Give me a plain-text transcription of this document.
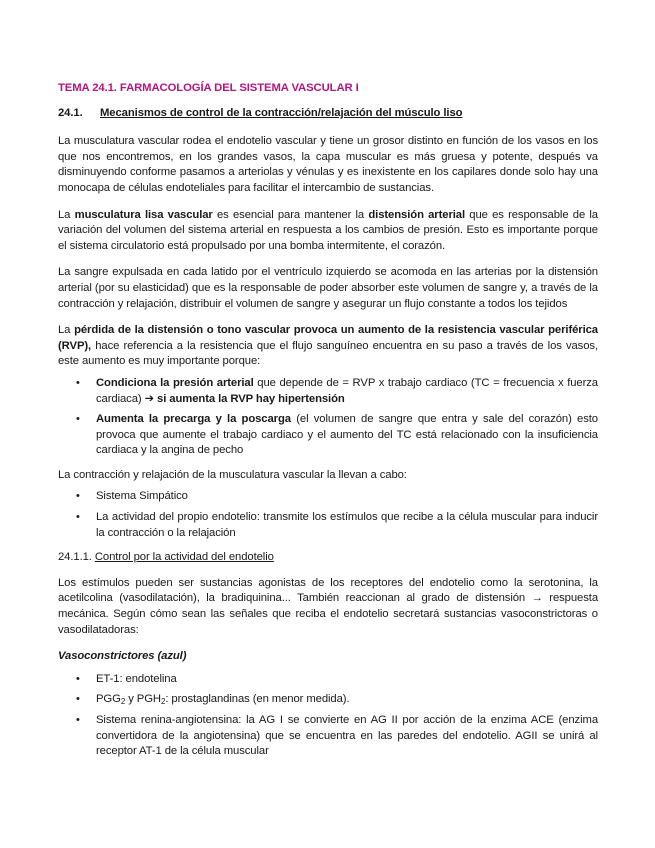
TEMA 24.1. FARMACOLOGÍA DEL SISTEMA VASCULAR I
24.1. Mecanismos de control de la contracción/relajación del músculo liso

La musculatura vascular rodea el endotelio vascular y tiene un grosor distinto en función de los vasos en los que nos encontremos, en los grandes vasos, la capa muscular es más gruesa y potente, después va disminuyendo conforme pasamos a arteriolas y vénulas y es inexistente en los capilares donde solo hay una monocapa de células endoteliales para facilitar el intercambio de sustancias.

La musculatura lisa vascular es esencial para mantener la distensión arterial que es responsable de la variación del volumen del sistema arterial en respuesta a los cambios de presión. Esto es importante porque el sistema circulatorio está propulsado por una bomba intermitente, el corazón.

La sangre expulsada en cada latido por el ventrículo izquierdo se acomoda en las arterias por la distensión arterial (por su elasticidad) que es la responsable de poder absorber este volumen de sangre y, a través de la contracción y relajación, distribuir el volumen de sangre y asegurar un flujo constante a todos los tejidos

La pérdida de la distensión o tono vascular provoca un aumento de la resistencia vascular periférica (RVP), hace referencia a la resistencia que el flujo sanguíneo encuentra en su paso a través de los vasos, este aumento es muy importante porque:

• Condiciona la presión arterial que depende de = RVP x trabajo cardiaco (TC = frecuencia x fuerza cardiaca) ➔ si aumenta la RVP hay hipertensión
• Aumenta la precarga y la poscarga (el volumen de sangre que entra y sale del corazón) esto provoca que aumente el trabajo cardiaco y el aumento del TC está relacionado con la insuficiencia cardiaca y la angina de pecho

La contracción y relajación de la musculatura vascular la llevan a cabo:

• Sistema Simpático
• La actividad del propio endotelio: transmite los estímulos que recibe a la célula muscular para inducir la contracción o la relajación
24.1.1. Control por la actividad del endotelio

Los estímulos pueden ser sustancias agonistas de los receptores del endotelio como la serotonina, la acetilcolina (vasodilatación), la bradiquinina... También reaccionan al grado de distensión → respuesta mecánica. Según cómo sean las señales que reciba el endotelio secretará sustancias vasoconstrictoras o vasodilatadoras:

Vasoconstrictores (azul)
• ET-1: endotelina
• $PGG_2$ y $PGH_2$: prostaglandinas (en menor medida).
• Sistema renina-angiotensina: la AG I se convierte en AG II por acción de la enzima ACE (enzima convertidora de la angiotensina) que se encuentra en las paredes del endotelio. AGII se unirá al receptor AT-1 de la célula muscular
